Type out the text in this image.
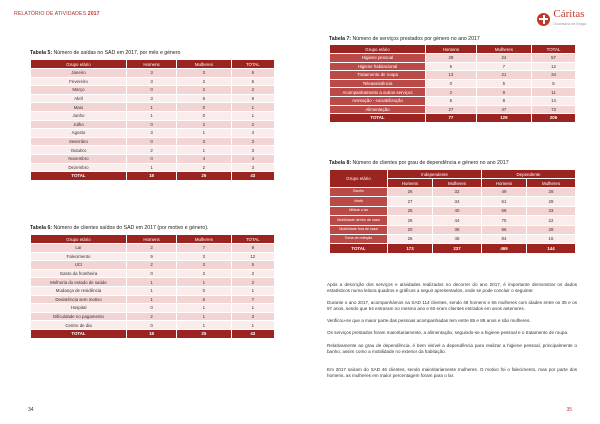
RELATÓRIO DE ATIVIDADES 2017
Tabela 5: Número de saídas no SAD em 2017, por mês e género
Grupo etário	Homens	Mulheres	TOTAL
Janeiro	3	3	6
Fevereiro	3	2	5
Março	0	2	2
Abril	3	6	9
Maio	1	0	1
Junho	1	0	1
Julho	0	2	2
Agosto	3	1	4
Setembro	0	3	3
Outubro	2	1	3
Novembro	0	4	4
Dezembro	1	2	3
TOTAL	18	25	43
Tabela 6: Número de clientes saídos do SAD em 2017 (por motivo e género).
Grupo etário	Homens	Mulheres	TOTAL
Lar	2	7	9
Falecimento	9	3	12
UCI	2	3	5
Gasto da frontheira	0	2	2
Melhoria do estado de saúde	1	1	2
Mudança de residência	1	0	1
Desistência sem motivo	1	6	7
Hospital	0	1	1
Dificuldade no pagamento	2	1	3
Centro de dia	0	1	1
TOTAL	18	25	43
34
Cáritas
Diocesana de Braga
Tabela 7: Número de serviços prestados por género no ano 2017
Grupo etário	Homens	Mulheres	TOTAL
Higiene pessoal	28	24	57
Higiene habitacional	5	7	12
Tratamento de roupa	13	21	34
Teleassistência	0	5	5
Acompanhamento a outros serviços	2	9	11
Animação - sociabilização	6	8	14
Alimentação	27	47	73
TOTAL	77	129	206
Tabela 8: Número de clientes por grau de dependência e género no ano 2017
Grupo etário	Independente		Dependente	
	Homens	Mulheres	Homens	Mulheres
Banho	26	32	49	28
Vestir	27	34	61	28
Utilizar o wc	26	40	68	33
Mobilidade dentro de casa	26	44	75	22
Mobilidade fora de casa	20	36	86	28
Toma de refeição	26	48	84	16
TOTAL	173	237	469	144
Após a descrição dos serviços e atividades realizados no decorrer do ano 2017, é importante demonstrar os dados estatísticos numa leitura quadros e gráficos a seguir apresentados, onde se pode concluir o seguinte:
Durante o ano 2017, acompanhámos na SAD 114 clientes, sendo 48 homens e 66 mulheres com idades entre os 35 e os 97 anos, sendo que 54 entraram no mesmo ano e 60 eram clientes entrados em anos anteriores.
Verificou-se que a maior parte das pessoas acompanhadas tem entre 85 e 89 anos e são mulheres.
Os serviços prestados foram maioritariamente, a alimentação, seguindo-se a higiene pessoal e o tratamento de roupa.
Relativamente ao grau de dependência, é bem visível a dependência para realizar a higiene pessoal, principalmente o banho, assim como a mobilidade no exterior da habitação.
Em 2017 saíram do SAD 46 clientes, sendo maioritariamente mulheres. O motivo foi o falecimento, mas por parte dos homens, as mulheres em maior percentagem foram para o lar.
35
